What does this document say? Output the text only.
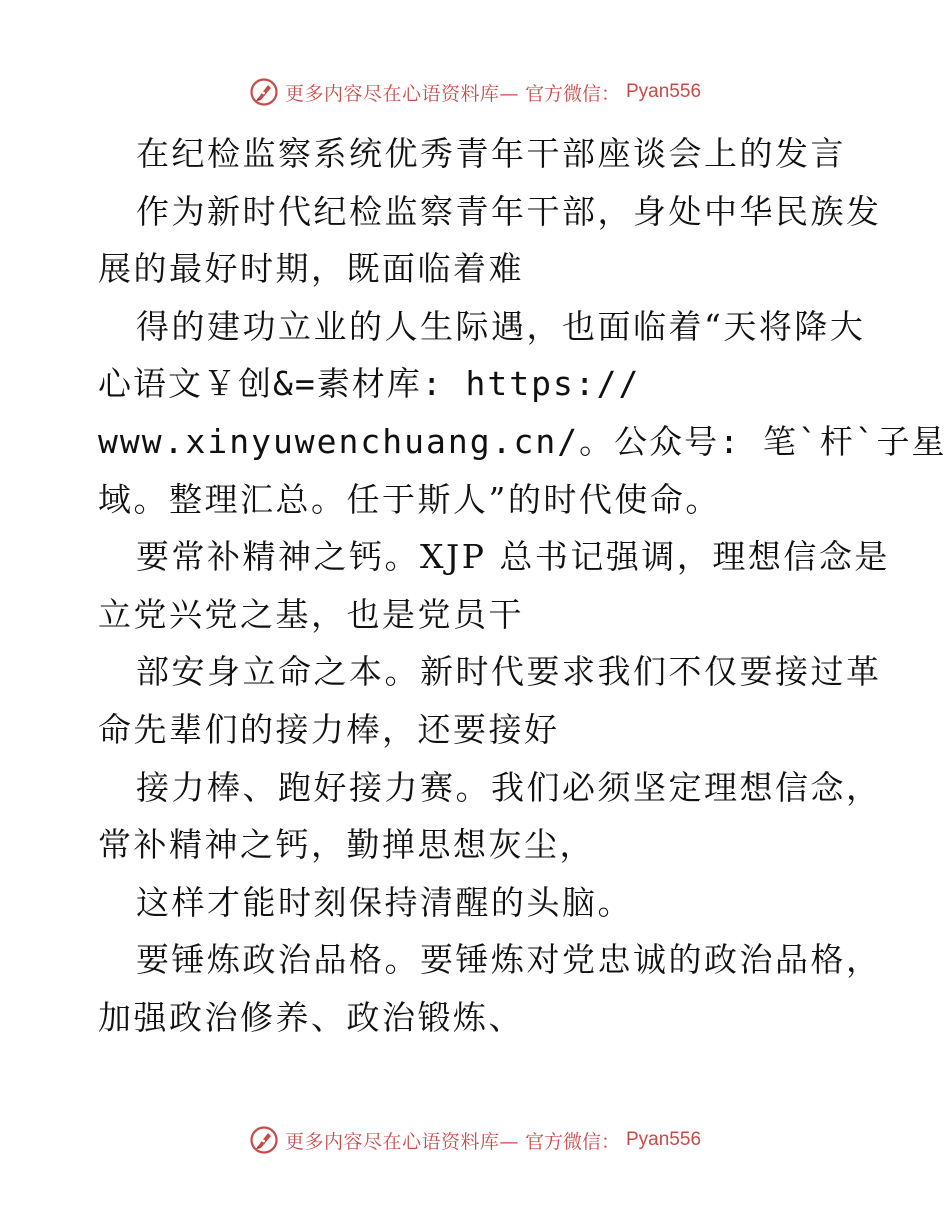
更多内容尽在心语资料库— 官方微信： Pyan556
在纪检监察系统优秀青年干部座谈会上的发言
作为新时代纪检监察青年干部，身处中华民族发
展的最好时期，既面临着难
得的建功立业的人生际遇，也面临着“天将降大
心语文￥创&=素材库: https://
www.xinyuwenchuang.cn/。公众号: 笔`杆`子星
域。整理汇总。任于斯人”的时代使命。
要常补精神之钙。XJP 总书记强调，理想信念是
立党兴党之基，也是党员干
部安身立命之本。新时代要求我们不仅要接过革
命先辈们的接力棒，还要接好
接力棒、跑好接力赛。我们必须坚定理想信念，
常补精神之钙，勤掸思想灰尘，
这样才能时刻保持清醒的头脑。
要锤炼政治品格。要锤炼对党忠诚的政治品格，
加强政治修养、政治锻炼、
更多内容尽在心语资料库— 官方微信： Pyan556
